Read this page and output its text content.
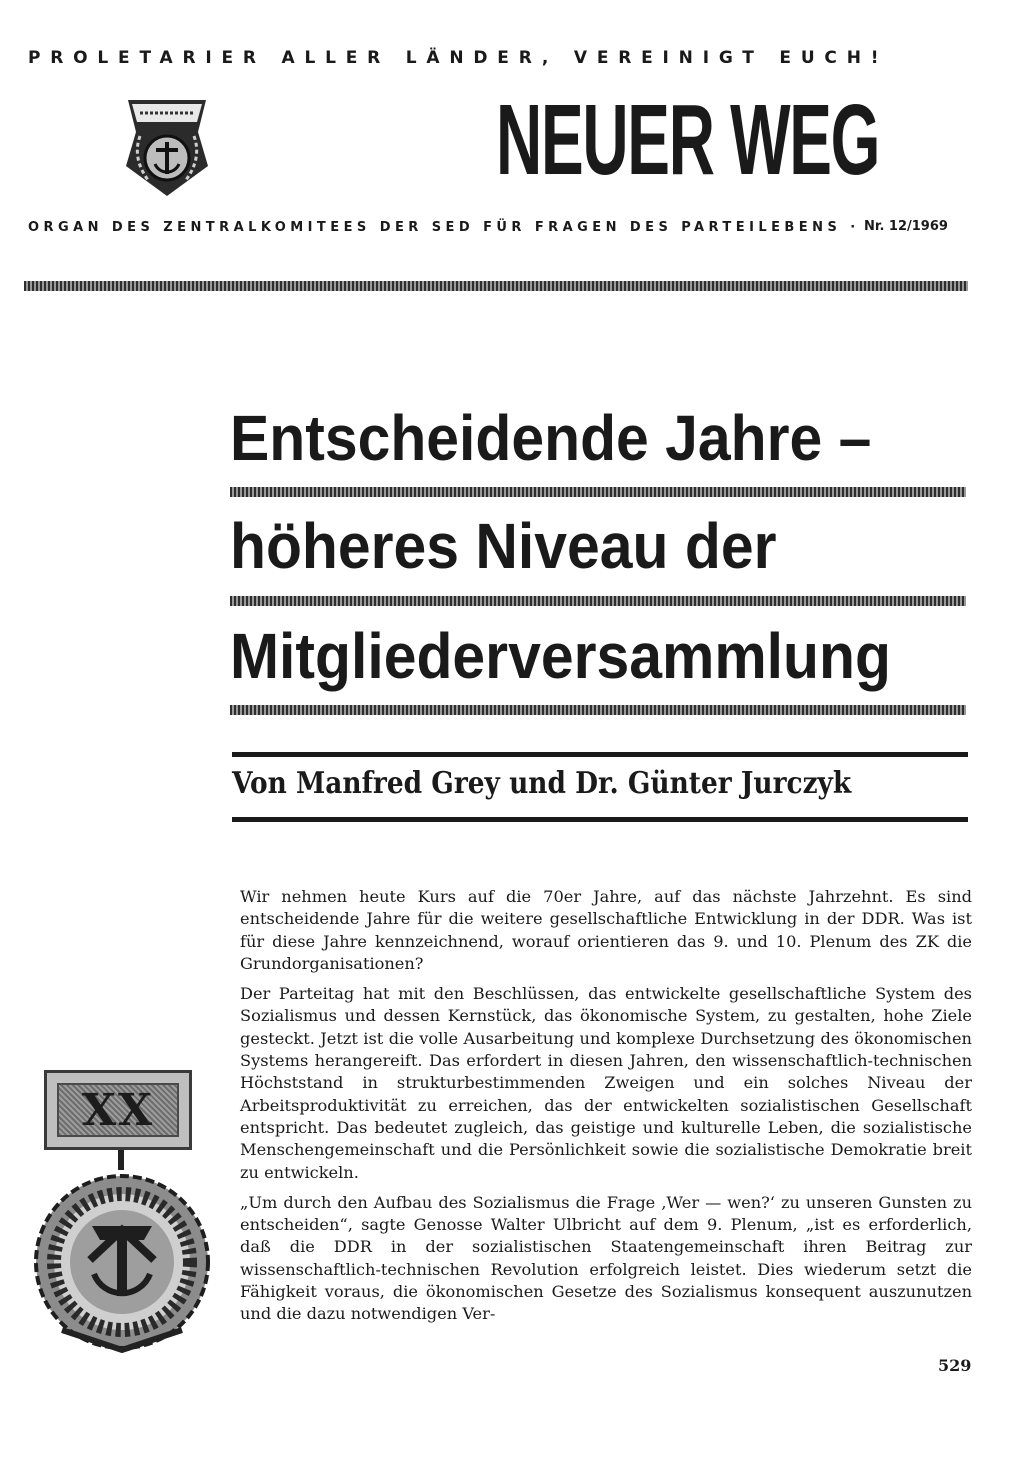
PROLETARIER ALLER LÄNDER, VEREINIGT EUCH!
NEUER WEG
ORGAN DES ZENTRALKOMITEES DER SED FÜR FRAGEN DES PARTEILEBENS · Nr. 12/1969
Entscheidende Jahre –
höheres Niveau der
Mitgliederversammlung
Von Manfred Grey und Dr. Günter Jurczyk

Wir nehmen heute Kurs auf die 70er Jahre, auf das nächste Jahrzehnt. Es sind entscheidende Jahre für die weitere gesellschaftliche Entwicklung in der DDR. Was ist für diese Jahre kennzeichnend, worauf orientieren das 9. und 10. Plenum des ZK die Grundorganisationen?

Der Parteitag hat mit den Beschlüssen, das entwickelte gesellschaftliche System des Sozialismus und dessen Kernstück, das ökonomische System, zu gestalten, hohe Ziele gesteckt. Jetzt ist die volle Ausarbeitung und komplexe Durchsetzung des ökonomischen Systems herangereift. Das erfordert in diesen Jahren, den wissenschaftlich-technischen Höchststand in strukturbestimmenden Zweigen und ein solches Niveau der Arbeitsproduktivität zu erreichen, das der entwickelten sozialistischen Gesellschaft entspricht. Das bedeutet zugleich, das geistige und kulturelle Leben, die sozialistische Menschengemeinschaft und die Persönlichkeit sowie die sozialistische Demokratie breit zu entwickeln.

„Um durch den Aufbau des Sozialismus die Frage ‚Wer — wen?‘ zu unseren Gunsten zu entscheiden“, sagte Genosse Walter Ulbricht auf dem 9. Plenum, „ist es erforderlich, daß die DDR in der sozialistischen Staatengemeinschaft ihren Beitrag zur wissenschaftlich-technischen Revolution erfolgreich leistet. Dies wiederum setzt die Fähigkeit voraus, die ökonomischen Gesetze des Sozialismus konsequent auszunutzen und die dazu notwendigen Ver-

XX
529
